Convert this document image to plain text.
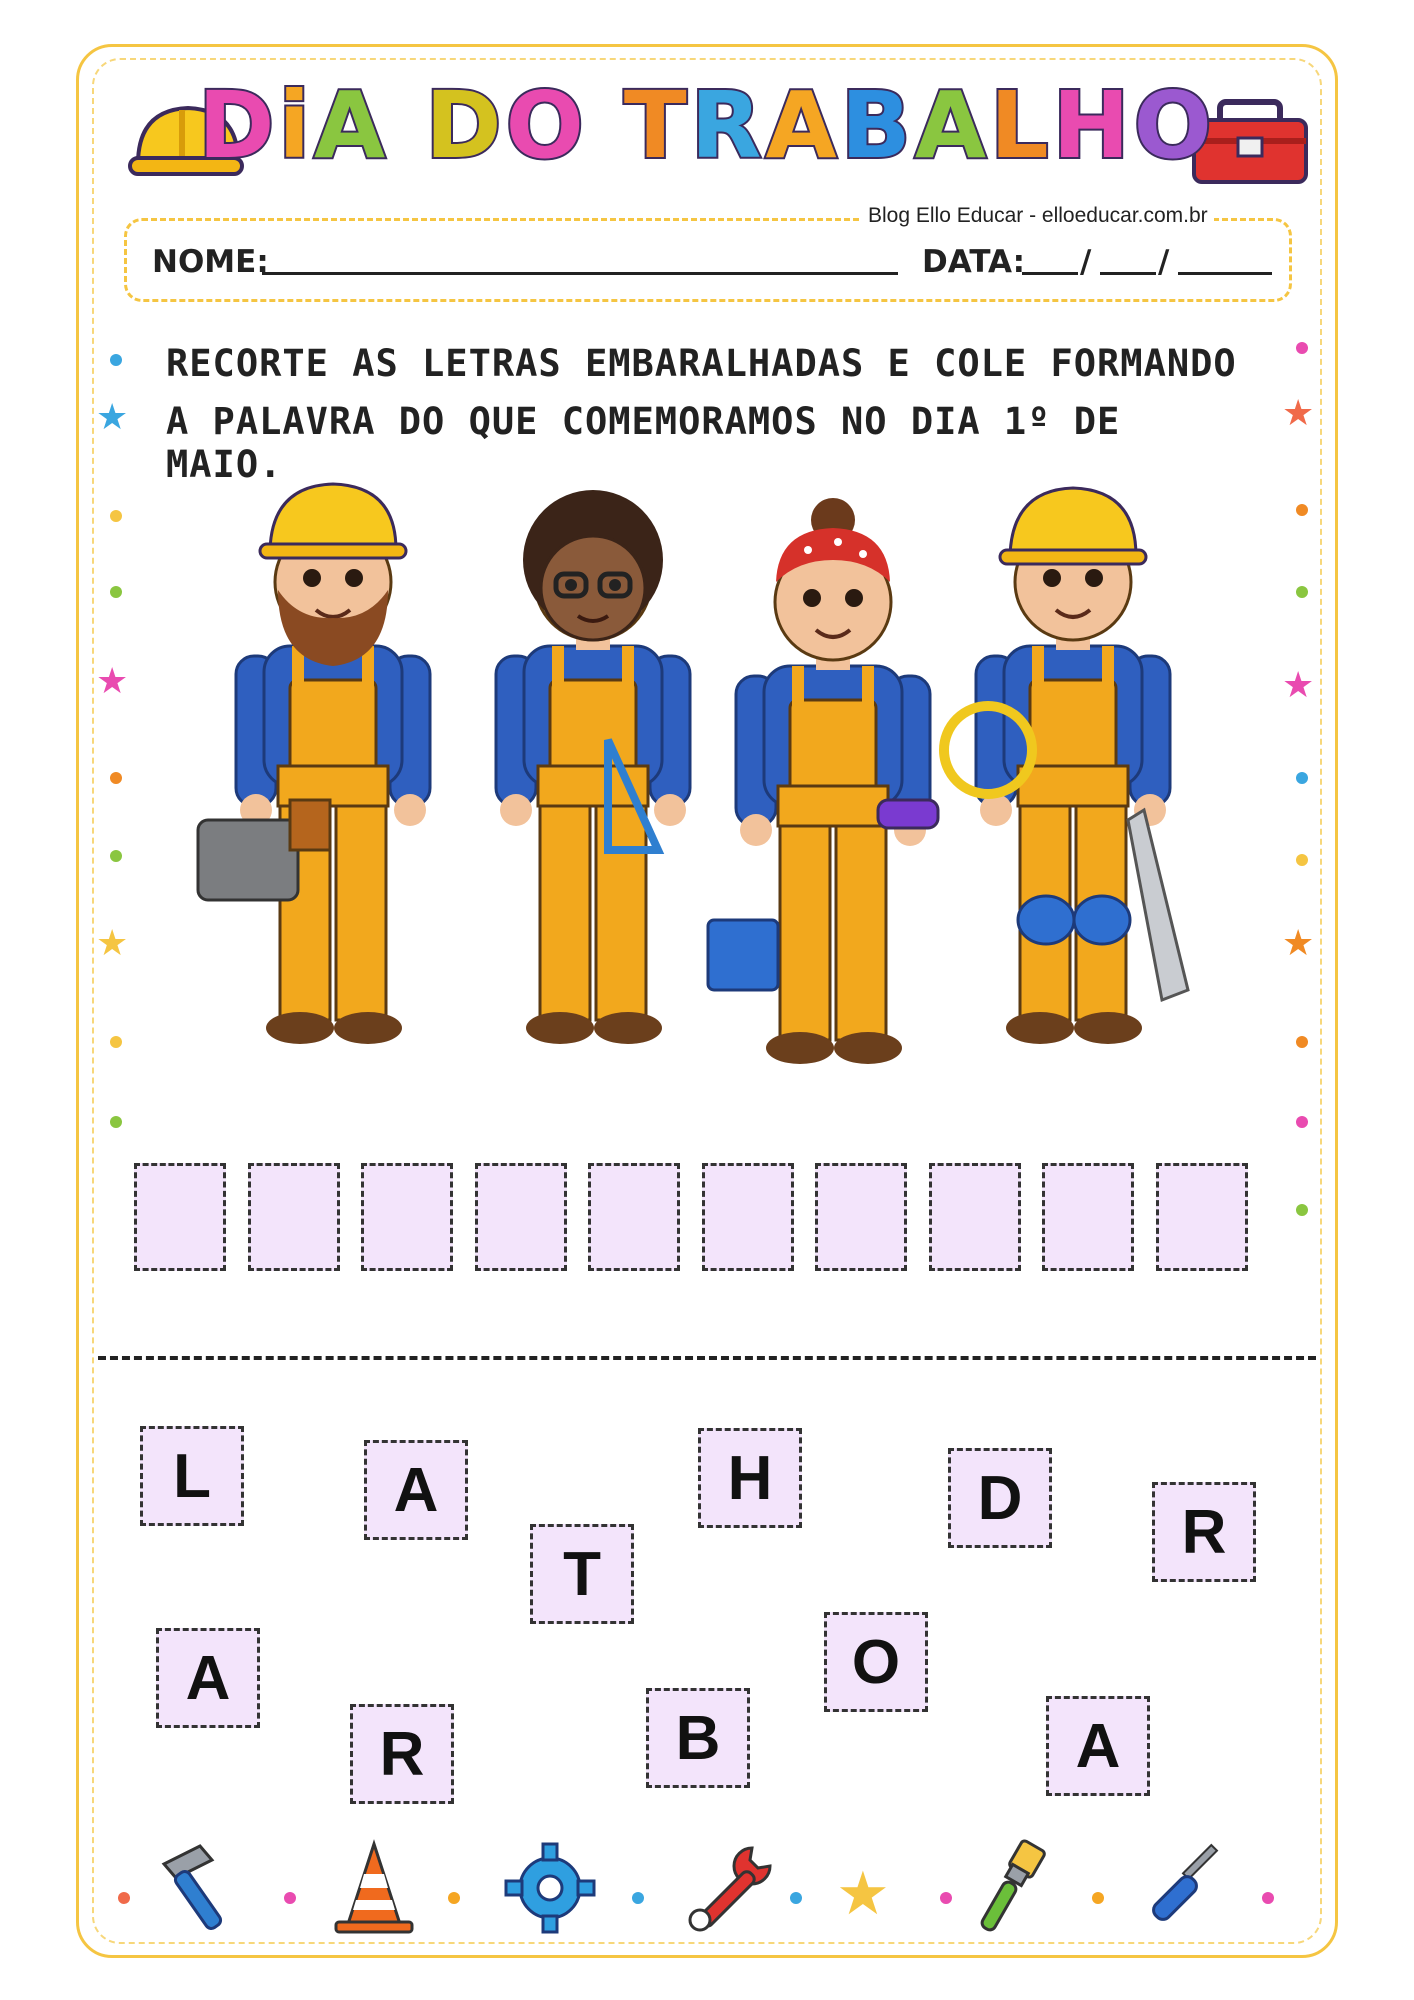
DiA DO TRABALHO
Blog Ello Educar - elloeducar.com.br
NOME:	DATA: / /
RECORTE AS LETRAS EMBARALHADAS E COLE FORMANDO
A PALAVRA DO QUE COMEMORAMOS NO DIA 1º DE MAIO.
★
★
★
★
★
★
L	A
T
H	D	R
A
R	B
O
A
★
